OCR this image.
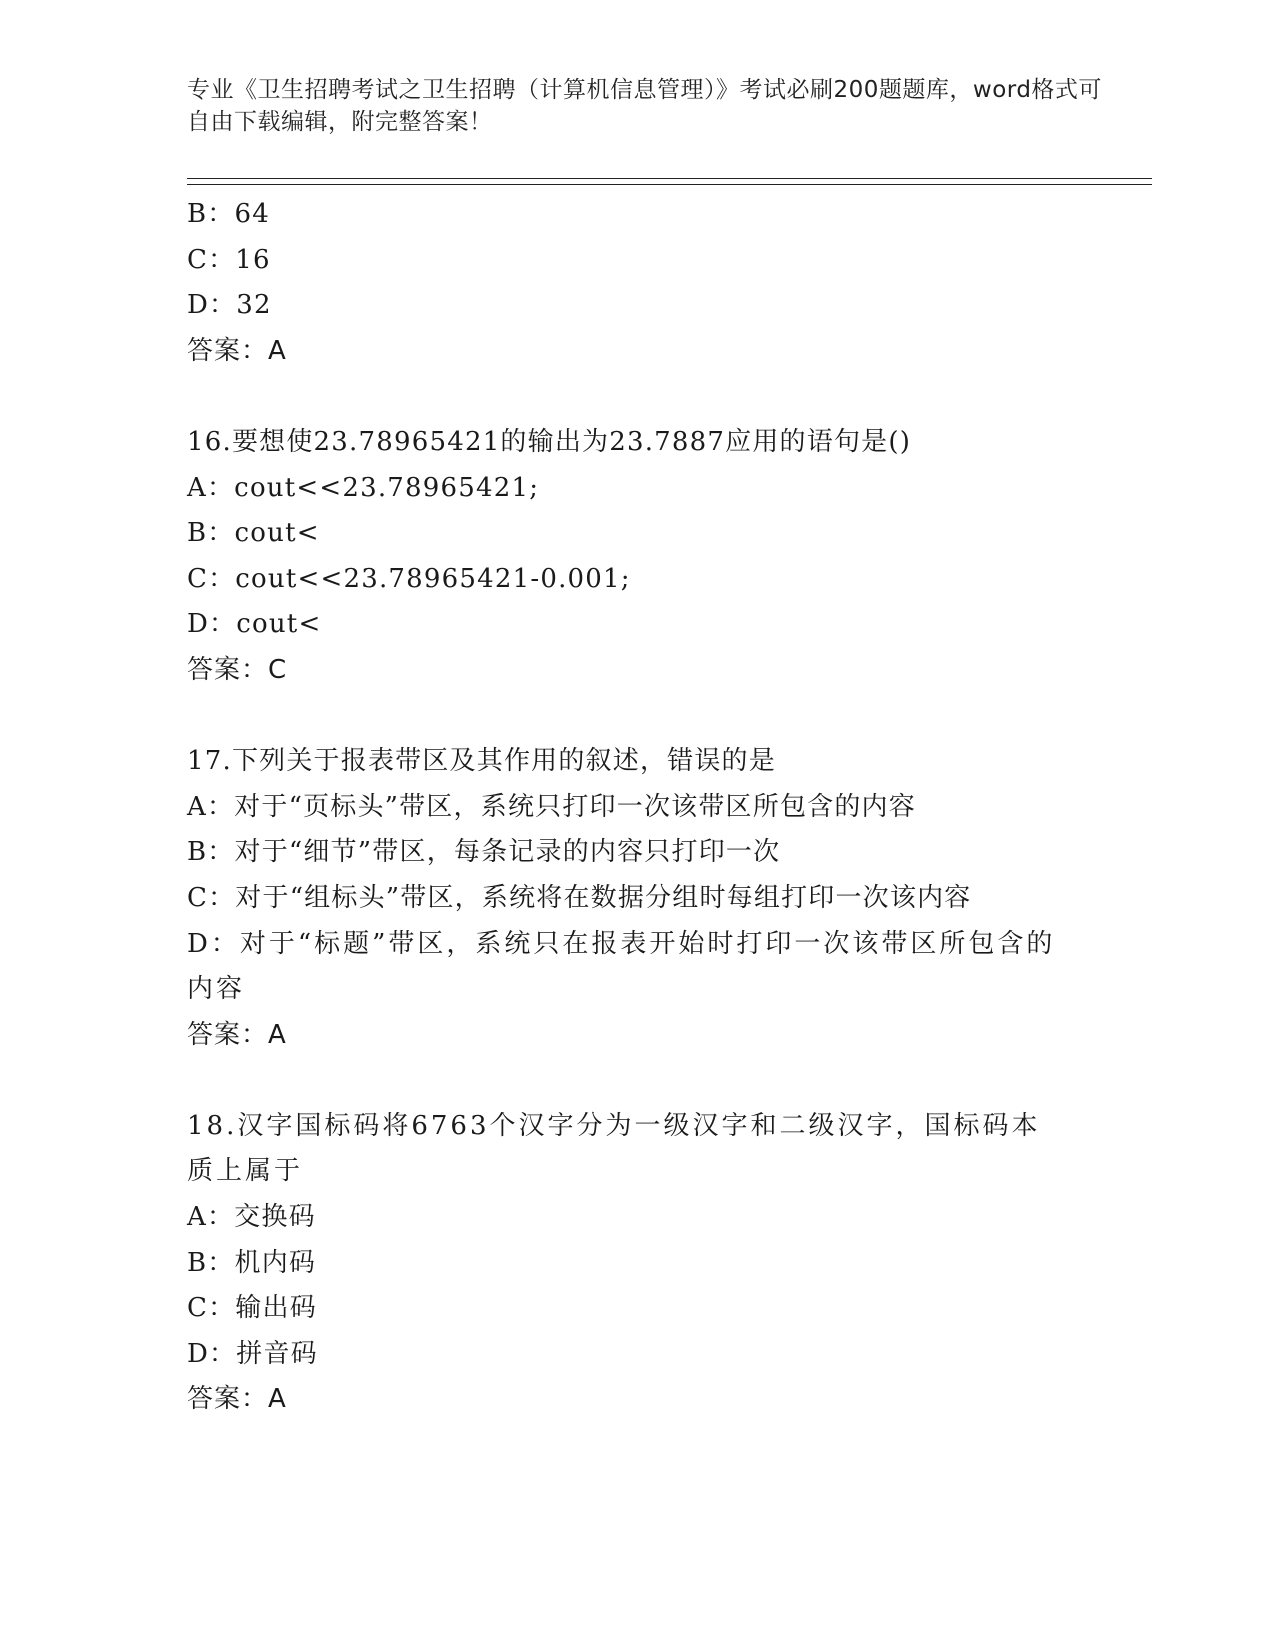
专业《卫生招聘考试之卫生招聘（计算机信息管理）》考试必刷200题题库，word格式可自由下载编辑，附完整答案！
B：64
C：16
D：32
答案：A
16.要想使23.78965421的输出为23.7887应用的语句是()
A：cout<<23.78965421;
B：cout<
C：cout<<23.78965421-0.001;
D：cout<
答案：C
17.下列关于报表带区及其作用的叙述，错误的是
A：对于“页标头”带区，系统只打印一次该带区所包含的内容
B：对于“细节”带区，每条记录的内容只打印一次
C：对于“组标头”带区，系统将在数据分组时每组打印一次该内容
D：对于“标题”带区，系统只在报表开始时打印一次该带区所包含的内容
答案：A
18.汉字国标码将6763个汉字分为一级汉字和二级汉字，国标码本质上属于
A：交换码
B：机内码
C：输出码
D：拼音码
答案：A
